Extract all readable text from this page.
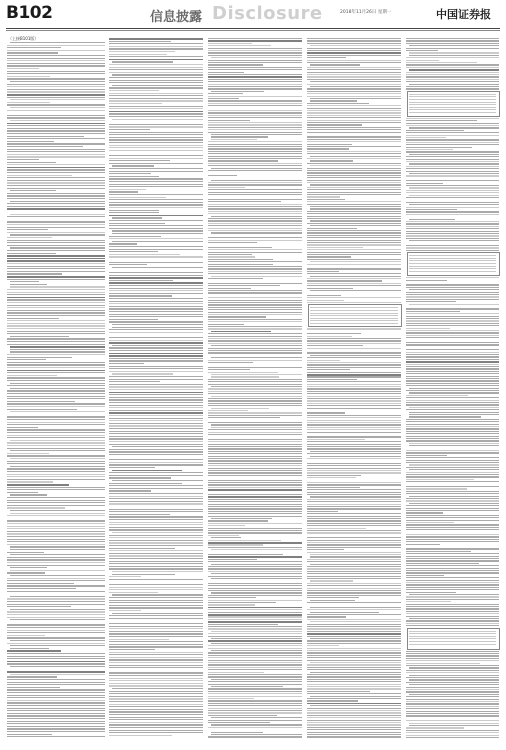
B102	信息披露 Disclosure	2018年11月26日 星期一	中国证券报
（上接B101版）
